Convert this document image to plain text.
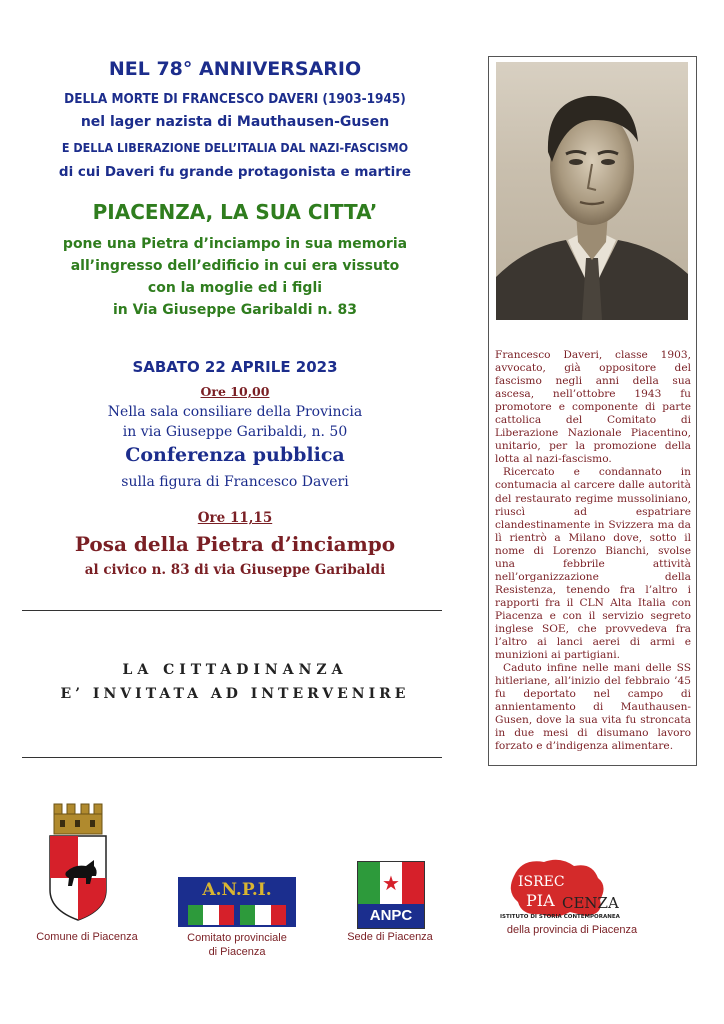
NEL 78° ANNIVERSARIO
DELLA MORTE DI FRANCESCO DAVERI (1903-1945)
nel lager nazista di Mauthausen-Gusen
E DELLA LIBERAZIONE DELL’ITALIA DAL NAZI-FASCISMO
di cui Daveri fu grande protagonista e martire
PIACENZA, LA SUA CITTA’
pone una Pietra d’inciampo in sua memoria
all’ingresso dell’edificio in cui era vissuto
con la moglie ed i figli
in Via Giuseppe Garibaldi n. 83
SABATO 22 APRILE 2023
Ore 10,00
Nella sala consiliare della Provincia
in via Giuseppe Garibaldi, n. 50
Conferenza pubblica
sulla figura di Francesco Daveri
Ore 11,15
Posa della Pietra d’inciampo
al civico n. 83 di via Giuseppe Garibaldi
LA CITTADINANZA
E’ INVITATA AD INTERVENIRE

Francesco Daveri, classe 1903, avvocato, già oppositore del fascismo negli anni della sua ascesa, nell’ottobre 1943 fu promotore e componente di parte cattolica del Comitato di Liberazione Nazionale Piacentino, unitario, per la promozione della lotta al nazi-fascismo.

Ricercato e condannato in contumacia al carcere dalle autorità del restaurato regime mussoliniano, riuscì ad espatriare clandestinamente in Svizzera ma da lì rientrò a Milano dove, sotto il nome di Lorenzo Bianchi, svolse una febbrile attività nell’organizzazione della Resistenza, tenendo fra l’altro i rapporti fra il CLN Alta Italia con Piacenza e con il servizio segreto inglese SOE, che provvedeva fra l’altro ai lanci aerei di armi e munizioni ai partigiani.

Caduto infine nelle mani delle SS hitleriane, all’inizio del febbraio ’45 fu deportato nel campo di annientamento di Mauthausen-Gusen, dove la sua vita fu stroncata in due mesi di disumano lavoro forzato e d’indigenza alimentare.

Comune di Piacenza
A.N.P.I.
Comitato provinciale
di Piacenza
★
ANPC
Sede di Piacenza
ISREC
PIA CENZA
ISTITUTO DI STORIA CONTEMPORANEA
della provincia di Piacenza
